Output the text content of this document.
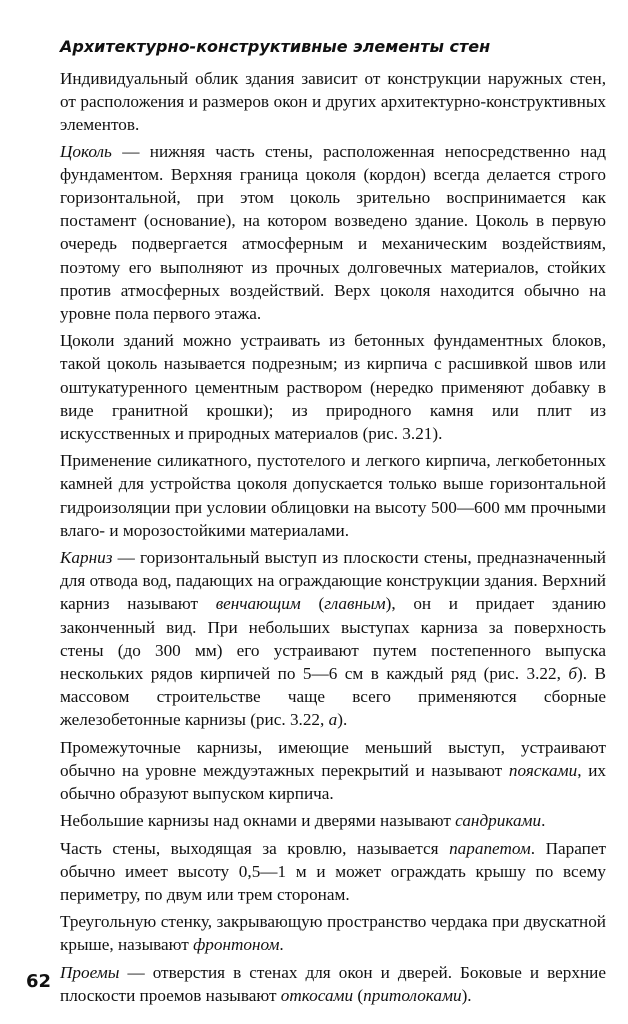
Архитектурно-конструктивные элементы стен

Индивидуальный облик здания зависит от конструкции наружных стен, от расположения и размеров окон и других архитектурно-конструктивных элементов.

Цоколь — нижняя часть стены, расположенная непосредственно над фундаментом. Верхняя граница цоколя (кордон) всегда делается строго горизонтальной, при этом цоколь зрительно воспринимается как постамент (основание), на котором возведено здание. Цоколь в первую очередь подвергается атмосферным и механическим воздействиям, поэтому его выполняют из прочных долговечных материалов, стойких против атмосферных воздействий. Верх цоколя находится обычно на уровне пола первого этажа.

Цоколи зданий можно устраивать из бетонных фундаментных блоков, такой цоколь называется подрезным; из кирпича с расшивкой швов или оштукатуренного цементным раствором (нередко применяют добавку в виде гранитной крошки); из природного камня или плит из искусственных и природных материалов (рис. 3.21).

Применение силикатного, пустотелого и легкого кирпича, легкобетонных камней для устройства цоколя допускается только выше горизонтальной гидроизоляции при условии облицовки на высоту 500—600 мм прочными влаго- и морозостойкими материалами.

Карниз — горизонтальный выступ из плоскости стены, предназначенный для отвода вод, падающих на ограждающие конструкции здания. Верхний карниз называют венчающим (главным), он и придает зданию законченный вид. При небольших выступах карниза за поверхность стены (до 300 мм) его устраивают путем постепенного выпуска нескольких рядов кирпичей по 5—6 см в каждый ряд (рис. 3.22, б). В массовом строительстве чаще всего применяются сборные железобетонные карнизы (рис. 3.22, а).

Промежуточные карнизы, имеющие меньший выступ, устраивают обычно на уровне междуэтажных перекрытий и называют поясками, их обычно образуют выпуском кирпича.

Небольшие карнизы над окнами и дверями называют сандриками.

Часть стены, выходящая за кровлю, называется парапетом. Парапет обычно имеет высоту 0,5—1 м и может ограждать крышу по всему периметру, по двум или трем сторонам.

Треугольную стенку, закрывающую пространство чердака при двускатной крыше, называют фронтоном.

Проемы — отверстия в стенах для окон и дверей. Боковые и верхние плоскости проемов называют откосами (притолоками).

62
